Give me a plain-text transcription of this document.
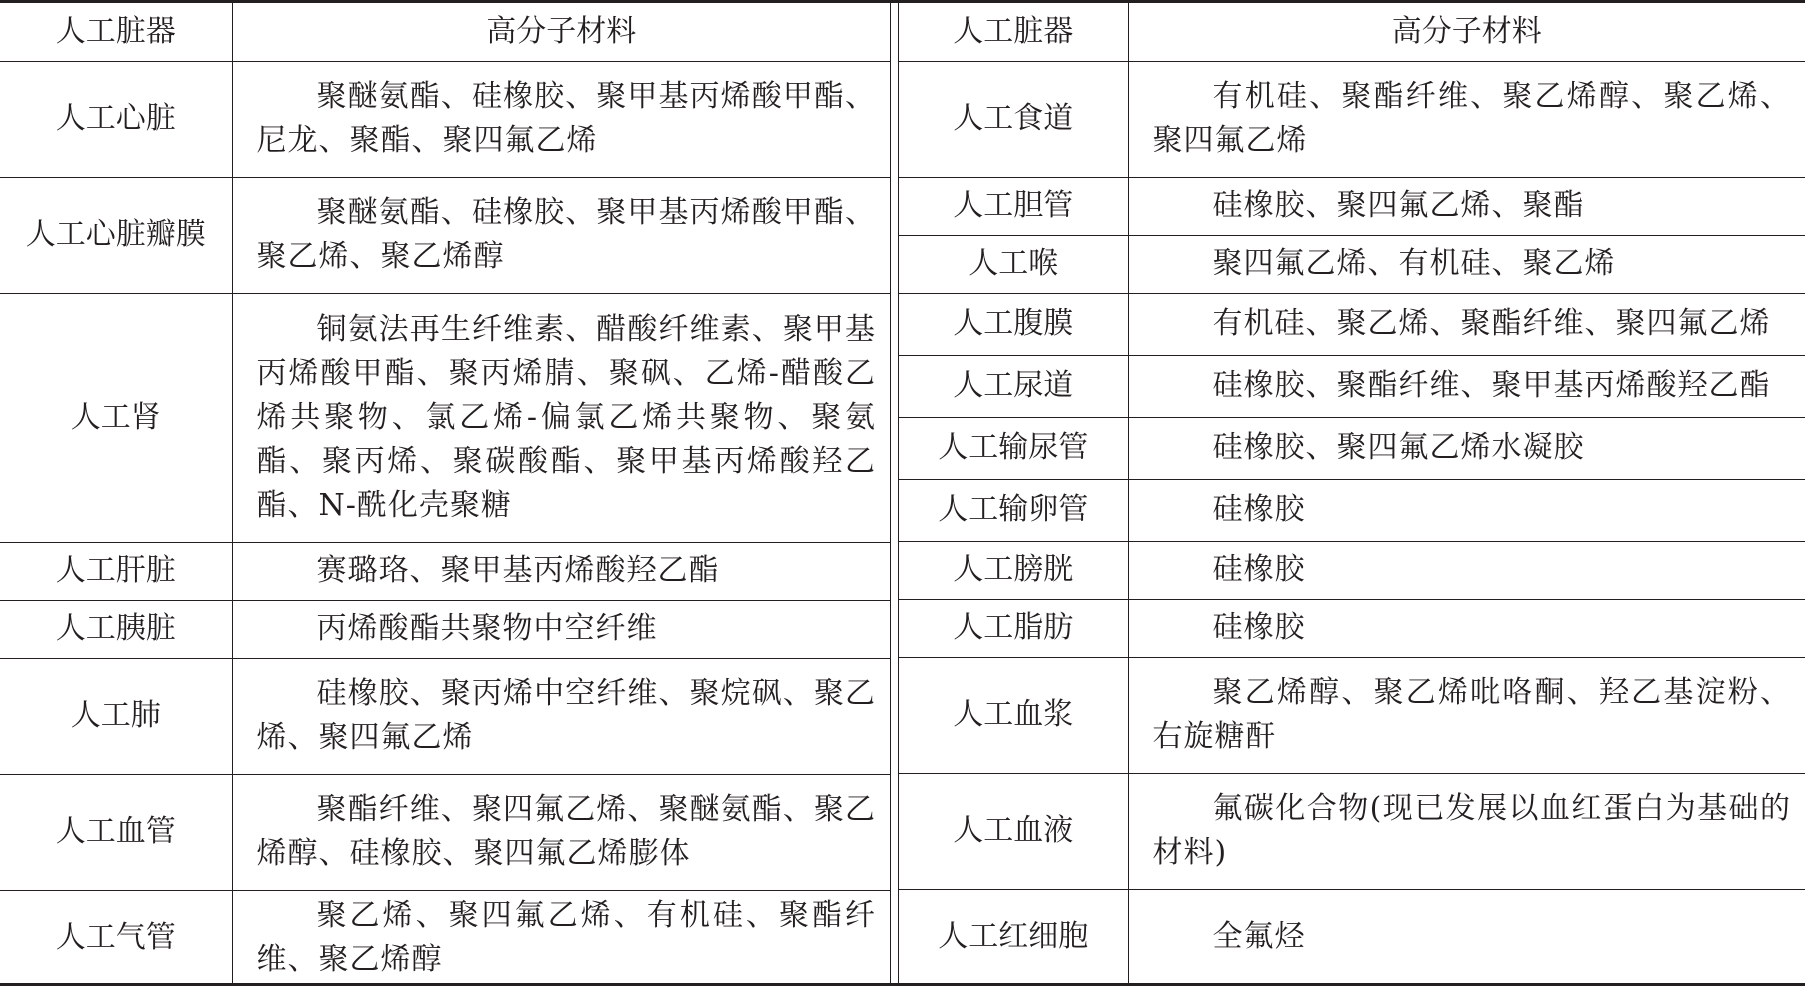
人工脏器	高分子材料
人工心脏	聚醚氨酯、硅橡胶、聚甲基丙烯酸甲酯、尼龙、聚酯、聚四氟乙烯
人工心脏瓣膜	聚醚氨酯、硅橡胶、聚甲基丙烯酸甲酯、聚乙烯、聚乙烯醇
人工肾	铜氨法再生纤维素、醋酸纤维素、聚甲基丙烯酸甲酯、聚丙烯腈、聚砜、乙烯-醋酸乙烯共聚物、氯乙烯-偏氯乙烯共聚物、聚氨酯、聚丙烯、聚碳酸酯、聚甲基丙烯酸羟乙酯、N-酰化壳聚糖
人工肝脏	赛璐珞、聚甲基丙烯酸羟乙酯
人工胰脏	丙烯酸酯共聚物中空纤维
人工肺	硅橡胶、聚丙烯中空纤维、聚烷砜、聚乙烯、聚四氟乙烯
人工血管	聚酯纤维、聚四氟乙烯、聚醚氨酯、聚乙烯醇、硅橡胶、聚四氟乙烯膨体
人工气管	聚乙烯、聚四氟乙烯、有机硅、聚酯纤维、聚乙烯醇
人工脏器	高分子材料
人工食道	有机硅、聚酯纤维、聚乙烯醇、聚乙烯、聚四氟乙烯
人工胆管	硅橡胶、聚四氟乙烯、聚酯
人工喉	聚四氟乙烯、有机硅、聚乙烯
人工腹膜	有机硅、聚乙烯、聚酯纤维、聚四氟乙烯
人工尿道	硅橡胶、聚酯纤维、聚甲基丙烯酸羟乙酯
人工输尿管	硅橡胶、聚四氟乙烯水凝胶
人工输卵管	硅橡胶
人工膀胱	硅橡胶
人工脂肪	硅橡胶
人工血浆	聚乙烯醇、聚乙烯吡咯酮、羟乙基淀粉、右旋糖酐
人工血液	氟碳化合物(现已发展以血红蛋白为基础的材料)
人工红细胞	全氟烃
